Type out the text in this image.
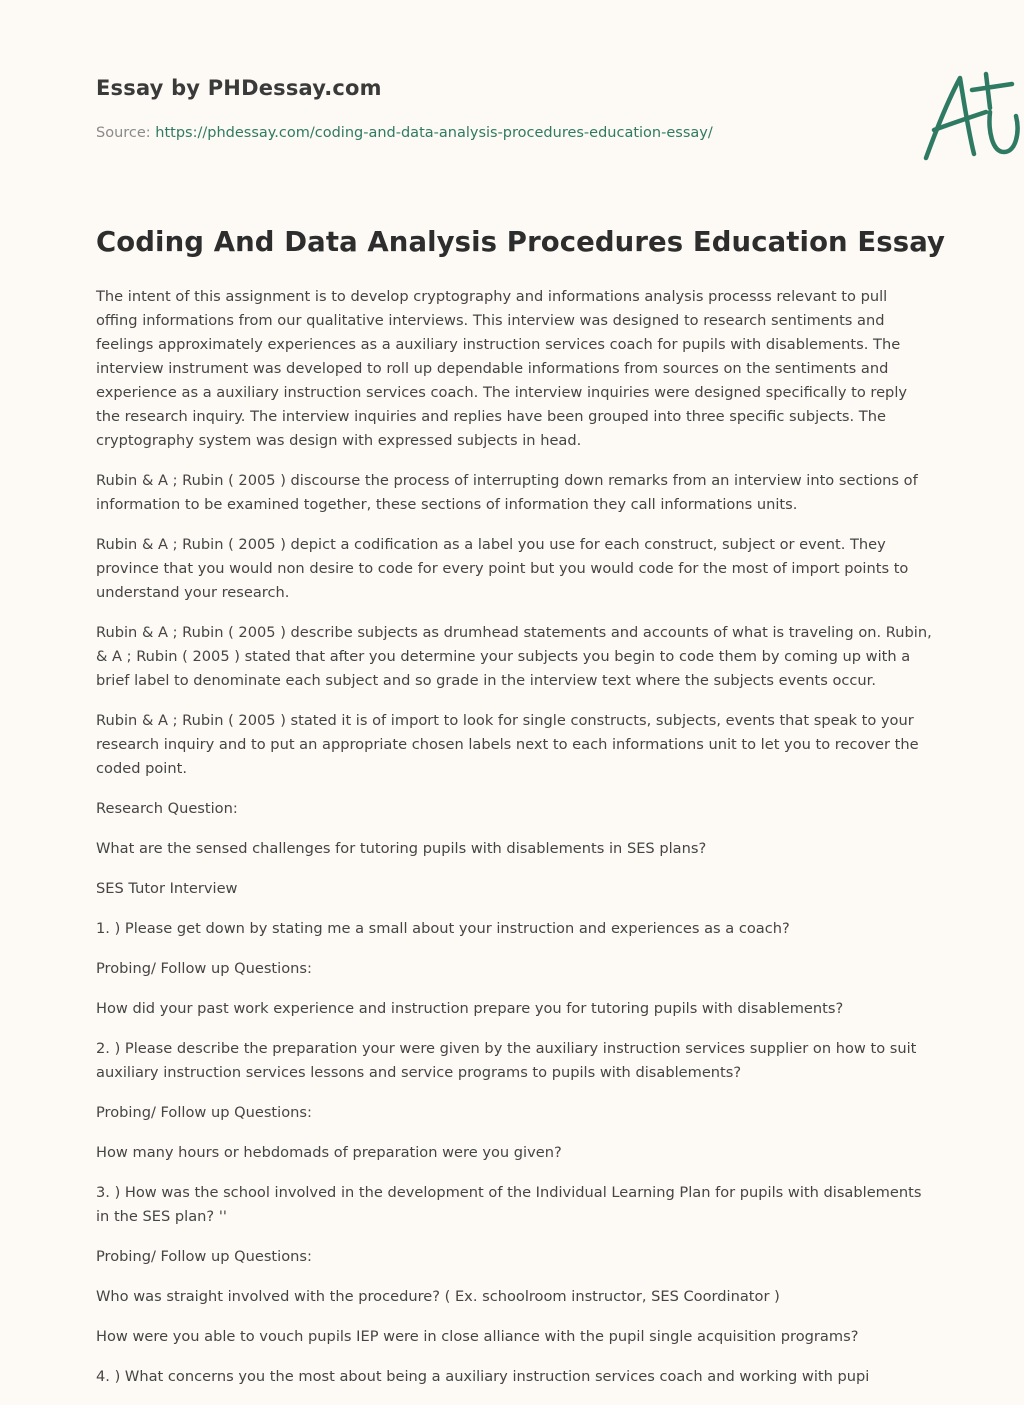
Essay by PHDessay.com
Source: https://phdessay.com/coding-and-data-analysis-procedures-education-essay/
Coding And Data Analysis Procedures Education Essay

The intent of this assignment is to develop cryptography and informations analysis processs relevant to pull offing informations from our qualitative interviews. This interview was designed to research sentiments and feelings approximately experiences as a auxiliary instruction services coach for pupils with disablements. The interview instrument was developed to roll up dependable informations from sources on the sentiments and experience as a auxiliary instruction services coach. The interview inquiries were designed specifically to reply the research inquiry. The interview inquiries and replies have been grouped into three specific subjects. The cryptography system was design with expressed subjects in head.

Rubin & A ; Rubin ( 2005 ) discourse the process of interrupting down remarks from an interview into sections of information to be examined together, these sections of information they call informations units.

Rubin & A ; Rubin ( 2005 ) depict a codification as a label you use for each construct, subject or event. They province that you would non desire to code for every point but you would code for the most of import points to understand your research.

Rubin & A ; Rubin ( 2005 ) describe subjects as drumhead statements and accounts of what is traveling on. Rubin, & A ; Rubin ( 2005 ) stated that after you determine your subjects you begin to code them by coming up with a brief label to denominate each subject and so grade in the interview text where the subjects events occur.

Rubin & A ; Rubin ( 2005 ) stated it is of import to look for single constructs, subjects, events that speak to your research inquiry and to put an appropriate chosen labels next to each informations unit to let you to recover the coded point.

Research Question:

What are the sensed challenges for tutoring pupils with disablements in SES plans?

SES Tutor Interview

1. ) Please get down by stating me a small about your instruction and experiences as a coach?

Probing/ Follow up Questions:

How did your past work experience and instruction prepare you for tutoring pupils with disablements?

2. ) Please describe the preparation your were given by the auxiliary instruction services supplier on how to suit auxiliary instruction services lessons and service programs to pupils with disablements?

Probing/ Follow up Questions:

How many hours or hebdomads of preparation were you given?

3. ) How was the school involved in the development of the Individual Learning Plan for pupils with disablements in the SES plan? ''

Probing/ Follow up Questions:

Who was straight involved with the procedure? ( Ex. schoolroom instructor, SES Coordinator )

How were you able to vouch pupils IEP were in close alliance with the pupil single acquisition programs?

4. ) What concerns you the most about being a auxiliary instruction services coach and working with pupi
